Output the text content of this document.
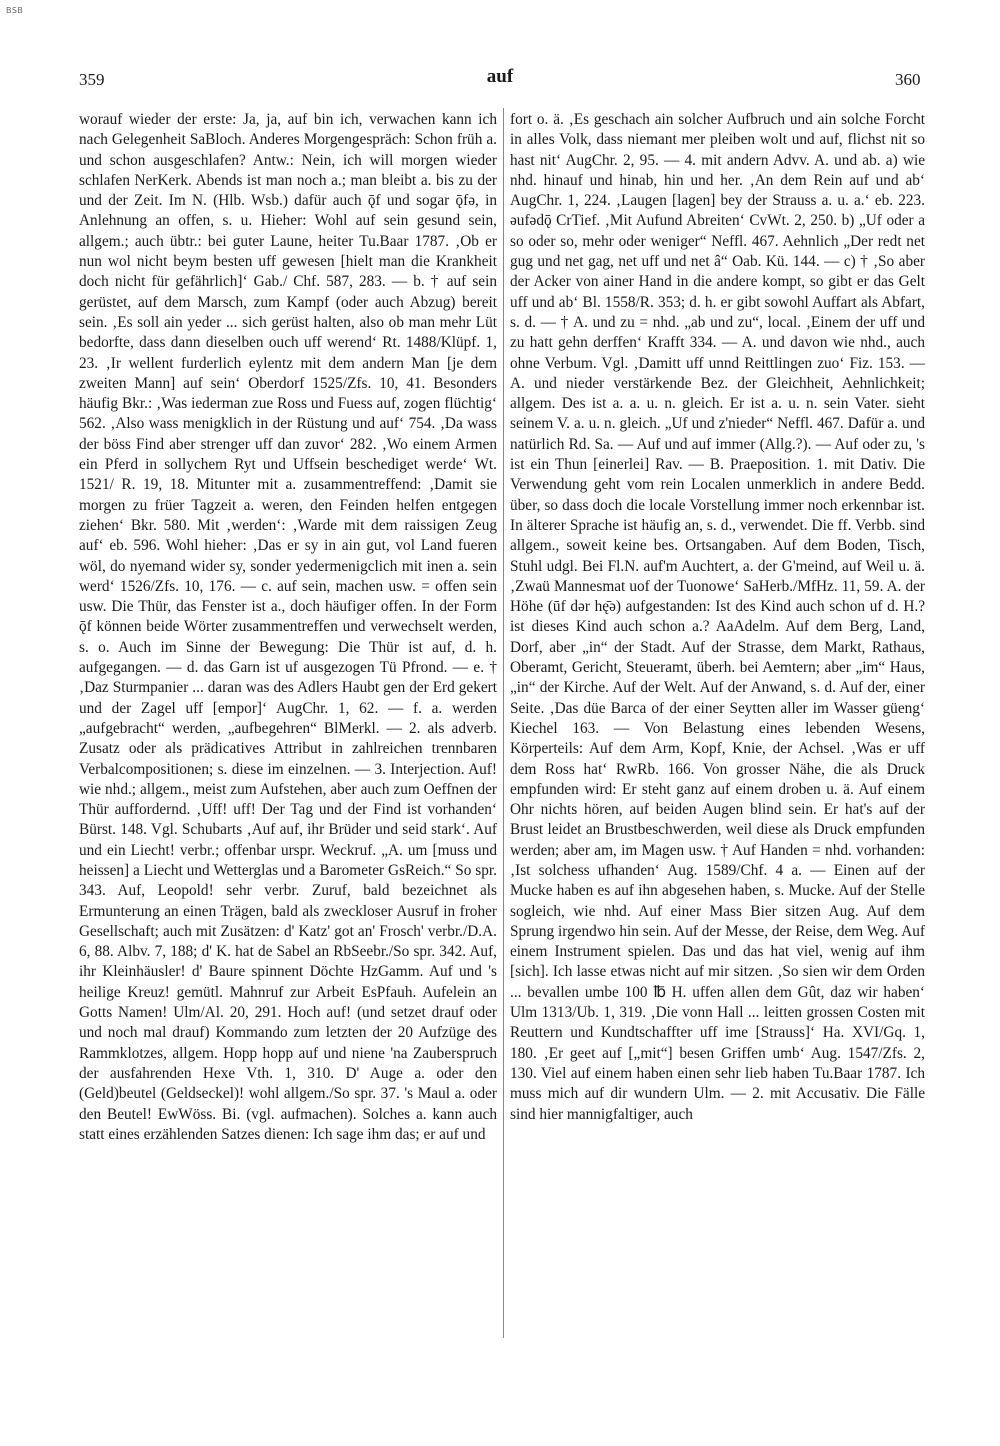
BSB
359	auf	360

worauf wieder der erste: Ja, ja, auf bin ich, verwachen kann ich nach Gelegenheit SaBloch. Anderes Morgengespräch: Schon früh a. und schon ausgeschlafen? Antw.: Nein, ich will morgen wieder schlafen NerKerk. Abends ist man noch a.; man bleibt a. bis zu der und der Zeit. Im N. (Hlb. Wsb.) dafür auch ǭf und sogar ǭfə, in Anlehnung an offen, s. u. Hieher: Wohl auf sein gesund sein, allgem.; auch übtr.: bei guter Laune, heiter Tu.Baar 1787. ‚Ob er nun wol nicht beym besten uff gewesen [hielt man die Krankheit doch nicht für gefährlich]‘ Gab./ Chf. 587, 283. — b. † auf sein gerüstet, auf dem Marsch, zum Kampf (oder auch Abzug) bereit sein. ‚Es soll ain yeder ... sich gerüst halten, also ob man mehr Lüt bedorfte, dass dann dieselben ouch uff werend‘ Rt. 1488/Klüpf. 1, 23. ‚Ir wellent furderlich eylentz mit dem andern Man [je dem zweiten Mann] auf sein‘ Oberdorf 1525/Zfs. 10, 41. Besonders häufig Bkr.: ‚Was iederman zue Ross und Fuess auf, zogen flüchtig‘ 562. ‚Also wass menigklich in der Rüstung und auf‘ 754. ‚Da wass der böss Find aber strenger uff dan zuvor‘ 282. ‚Wo einem Armen ein Pferd in sollychem Ryt und Uffsein beschediget werde‘ Wt. 1521/ R. 19, 18. Mitunter mit a. zusammentreffend: ‚Damit sie morgen zu früer Tagzeit a. weren, den Feinden helfen entgegen ziehen‘ Bkr. 580. Mit ‚werden‘: ‚Warde mit dem raissigen Zeug auf‘ eb. 596. Wohl hieher: ‚Das er sy in ain gut, vol Land fueren wöl, do nyemand wider sy, sonder yedermenigclich mit inen a. sein werd‘ 1526/Zfs. 10, 176. — c. auf sein, machen usw. = offen sein usw. Die Thür, das Fenster ist a., doch häufiger offen. In der Form ǭf können beide Wörter zusammentreffen und verwechselt werden, s. o. Auch im Sinne der Bewegung: Die Thür ist auf, d. h. aufgegangen. — d. das Garn ist uf ausgezogen Tü Pfrond. — e. † ‚Daz Sturmpanier ... daran was des Adlers Haubt gen der Erd gekert und der Zagel uff [empor]‘ AugChr. 1, 62. — f. a. werden „aufgebracht“ werden, „aufbegehren“ BlMerkl. — 2. als adverb. Zusatz oder als prädicatives Attribut in zahlreichen trennbaren Verbalcompositionen; s. diese im einzelnen. — 3. Interjection. Auf! wie nhd.; allgem., meist zum Aufstehen, aber auch zum Oeffnen der Thür auffordernd. ‚Uff! uff! Der Tag und der Find ist vorhanden‘ Bürst. 148. Vgl. Schubarts ‚Auf auf, ihr Brüder und seid stark‘. Auf und ein Liecht! verbr.; offenbar urspr. Weckruf. „A. um [muss und heissen] a Liecht und Wetterglas und a Barometer GsReich.“ So spr. 343. Auf, Leopold! sehr verbr. Zuruf, bald bezeichnet als Ermunterung an einen Trägen, bald als zweckloser Ausruf in froher Gesellschaft; auch mit Zusätzen: d' Katz' got an' Frosch' verbr./D.A. 6, 88. Albv. 7, 188; d' K. hat de Sabel an RbSeebr./So spr. 342. Auf, ihr Kleinhäusler! d' Baure spinnent Döchte HzGamm. Auf und 's heilige Kreuz! gemütl. Mahnruf zur Arbeit EsPfauh. Aufelein an Gotts Namen! Ulm/Al. 20, 291. Hoch auf! (und setzet drauf oder und noch mal drauf) Kommando zum letzten der 20 Aufzüge des Rammklotzes, allgem. Hopp hopp auf und niene 'na Zauberspruch der ausfahrenden Hexe Vth. 1, 310. D' Auge a. oder den (Geld)beutel (Geldseckel)! wohl allgem./So spr. 37. 's Maul a. oder den Beutel! EwWöss. Bi. (vgl. aufmachen). Solches a. kann auch statt eines erzählenden Satzes dienen: Ich sage ihm das; er auf und

fort o. ä. ‚Es geschach ain solcher Aufbruch und ain solche Forcht in alles Volk, dass niemant mer pleiben wolt und auf, flichst nit so hast nit‘ AugChr. 2, 95. — 4. mit andern Advv. A. und ab. a) wie nhd. hinauf und hinab, hin und her. ‚An dem Rein auf und ab‘ AugChr. 1, 224. ‚Laugen [lagen] bey der Strauss a. u. a.‘ eb. 223. əufədǭ CrTief. ‚Mit Aufund Abreiten‘ CvWt. 2, 250. b) „Uf oder a so oder so, mehr oder weniger“ Neffl. 467. Aehnlich „Der redt net gug und net gag, net uff und net â“ Oab. Kü. 144. — c) † ‚So aber der Acker von ainer Hand in die andere kompt, so gibt er das Gelt uff und ab‘ Bl. 1558/R. 353; d. h. er gibt sowohl Auffart als Abfart, s. d. — † A. und zu = nhd. „ab und zu“, local. ‚Einem der uff und zu hatt gehn derffen‘ Krafft 334. — A. und davon wie nhd., auch ohne Verbum. Vgl. ‚Damitt uff unnd Reittlingen zuo‘ Fiz. 153. — A. und nieder verstärkende Bez. der Gleichheit, Aehnlichkeit; allgem. Des ist a. a. u. n. gleich. Er ist a. u. n. sein Vater. sieht seinem V. a. u. n. gleich. „Uf und z'nieder“ Neffl. 467. Dafür a. und natürlich Rd. Sa. — Auf und auf immer (Allg.?). — Auf oder zu, 's ist ein Thun [einerlei] Rav. — B. Praeposition. 1. mit Dativ. Die Verwendung geht vom rein Localen unmerklich in andere Bedd. über, so dass doch die locale Vorstellung immer noch erkennbar ist. In älterer Sprache ist häufig an, s. d., verwendet. Die ff. Verbb. sind allgem., soweit keine bes. Ortsangaben. Auf dem Boden, Tisch, Stuhl udgl. Bei Fl.N. auf'm Auchtert, a. der G'meind, auf Weil u. ä. ‚Zwaü Mannesmat uof der Tuonowe‘ SaHerb./MfHz. 11, 59. A. der Höhe (ūf dər hę̄ə) aufgestanden: Ist des Kind auch schon uf d. H.? ist dieses Kind auch schon a.? AaAdelm. Auf dem Berg, Land, Dorf, aber „in“ der Stadt. Auf der Strasse, dem Markt, Rathaus, Oberamt, Gericht, Steueramt, überh. bei Aemtern; aber „im“ Haus, „in“ der Kirche. Auf der Welt. Auf der Anwand, s. d. Auf der, einer Seite. ‚Das düe Barca of der einer Seytten aller im Wasser güeng‘ Kiechel 163. — Von Belastung eines lebenden Wesens, Körperteils: Auf dem Arm, Kopf, Knie, der Achsel. ‚Was er uff dem Ross hat‘ RwRb. 166. Von grosser Nähe, die als Druck empfunden wird: Er steht ganz auf einem droben u. ä. Auf einem Ohr nichts hören, auf beiden Augen blind sein. Er hat's auf der Brust leidet an Brustbeschwerden, weil diese als Druck empfunden werden; aber am, im Magen usw. † Auf Handen = nhd. vorhanden: ‚Ist solchess ufhanden‘ Aug. 1589/Chf. 4 a. — Einen auf der Mucke haben es auf ihn abgesehen haben, s. Mucke. Auf der Stelle sogleich, wie nhd. Auf einer Mass Bier sitzen Aug. Auf dem Sprung irgendwo hin sein. Auf der Messe, der Reise, dem Weg. Auf einem Instrument spielen. Das und das hat viel, wenig auf ihm [sich]. Ich lasse etwas nicht auf mir sitzen. ‚So sien wir dem Orden ... bevallen umbe 100 ℔ H. uffen allen dem Gût, daz wir haben‘ Ulm 1313/Ub. 1, 319. ‚Die vonn Hall ... leitten grossen Costen mit Reuttern und Kundtschaffter uff ime [Strauss]‘ Ha. XVI/Gq. 1, 180. ‚Er geet auf [„mit“] besen Griffen umb‘ Aug. 1547/Zfs. 2, 130. Viel auf einem haben einen sehr lieb haben Tu.Baar 1787. Ich muss mich auf dir wundern Ulm. — 2. mit Accusativ. Die Fälle sind hier mannigfaltiger, auch
